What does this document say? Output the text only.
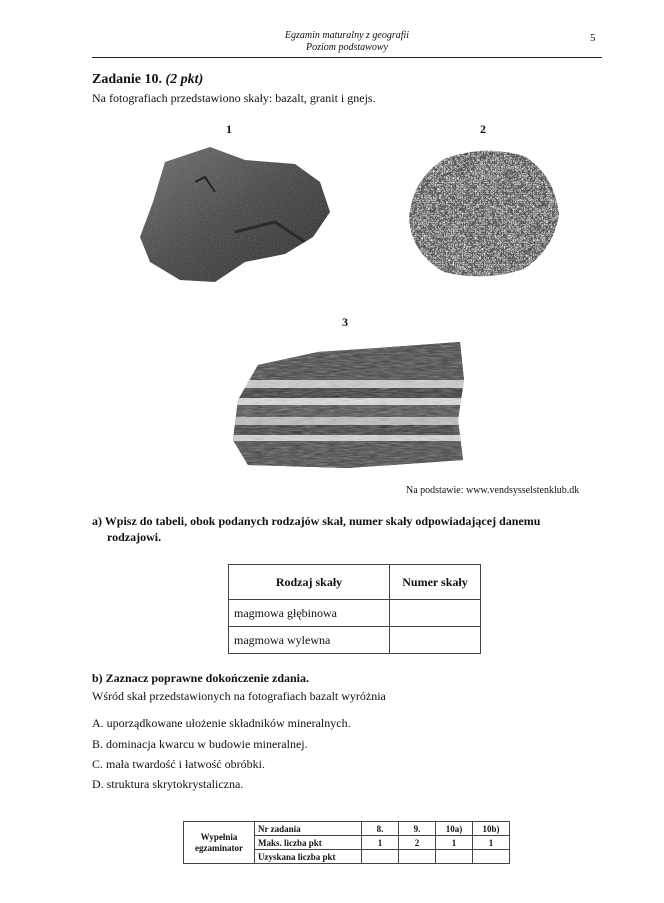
Egzamin maturalny z geografii
Poziom podstawowy
5
Zadanie 10. (2 pkt)
Na fotografiach przedstawiono skały: bazalt, granit i gnejs.
1	2
3
Na podstawie: www.vendsysselstenklub.dk
a) Wpisz do tabeli, obok podanych rodzajów skał, numer skały odpowiadającej danemu
rodzajowi.
Rodzaj skały	Numer skały
magmowa głębinowa	
magmowa wylewna	
b) Zaznacz poprawne dokończenie zdania.
Wśród skał przedstawionych na fotografiach bazalt wyróżnia
A. uporządkowane ułożenie składników mineralnych.
B. dominacja kwarcu w budowie mineralnej.
C. mała twardość i łatwość obróbki.
D. struktura skrytokrystaliczna.
Wypełnia egzaminator	Nr zadania	8.	9.	10a)	10b)
	Maks. liczba pkt	1	2	1	1
	Uzyskana liczba pkt				
